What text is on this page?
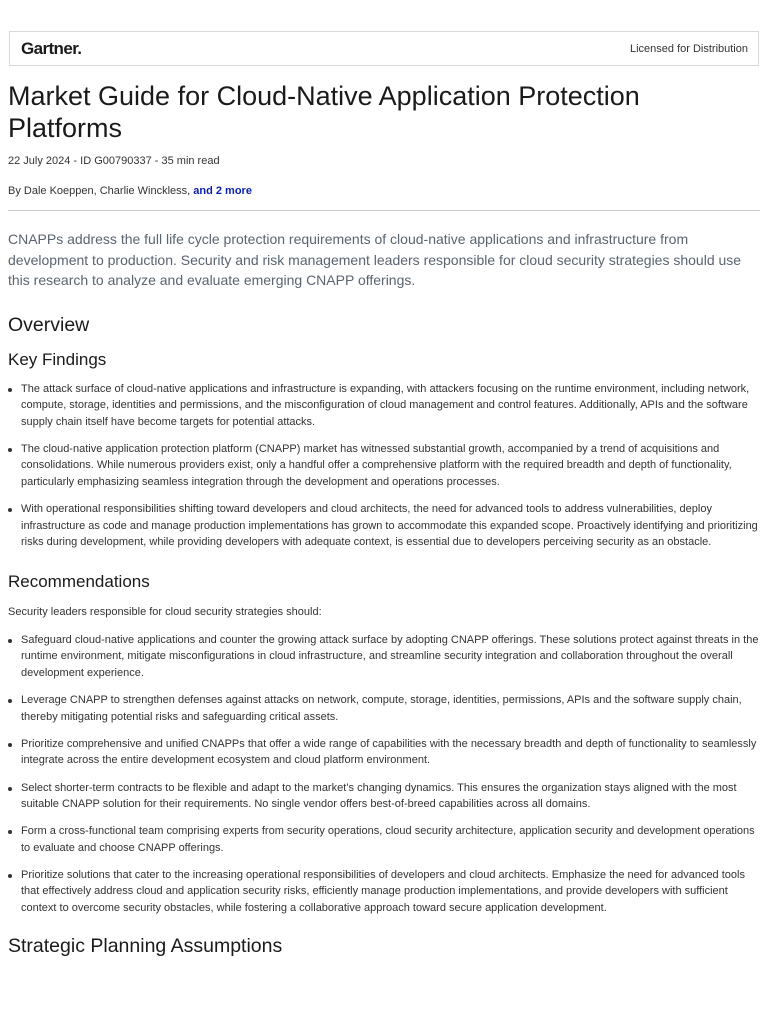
Gartner.	Licensed for Distribution
Market Guide for Cloud-Native Application Protection Platforms
22 July 2024 - ID G00790337 - 35 min read
By Dale Koeppen, Charlie Winckless, and 2 more
CNAPPs address the full life cycle protection requirements of cloud-native applications and infrastructure from development to production. Security and risk management leaders responsible for cloud security strategies should use this research to analyze and evaluate emerging CNAPP offerings.
Overview
Key Findings
The attack surface of cloud-native applications and infrastructure is expanding, with attackers focusing on the runtime environment, including network, compute, storage, identities and permissions, and the misconfiguration of cloud management and control features. Additionally, APIs and the software supply chain itself have become targets for potential attacks.
The cloud-native application protection platform (CNAPP) market has witnessed substantial growth, accompanied by a trend of acquisitions and consolidations. While numerous providers exist, only a handful offer a comprehensive platform with the required breadth and depth of functionality, particularly emphasizing seamless integration through the development and operations processes.
With operational responsibilities shifting toward developers and cloud architects, the need for advanced tools to address vulnerabilities, deploy infrastructure as code and manage production implementations has grown to accommodate this expanded scope. Proactively identifying and prioritizing risks during development, while providing developers with adequate context, is essential due to developers perceiving security as an obstacle.
Recommendations
Security leaders responsible for cloud security strategies should:
Safeguard cloud-native applications and counter the growing attack surface by adopting CNAPP offerings. These solutions protect against threats in the runtime environment, mitigate misconfigurations in cloud infrastructure, and streamline security integration and collaboration throughout the overall development experience.
Leverage CNAPP to strengthen defenses against attacks on network, compute, storage, identities, permissions, APIs and the software supply chain, thereby mitigating potential risks and safeguarding critical assets.
Prioritize comprehensive and unified CNAPPs that offer a wide range of capabilities with the necessary breadth and depth of functionality to seamlessly integrate across the entire development ecosystem and cloud platform environment.
Select shorter-term contracts to be flexible and adapt to the market’s changing dynamics. This ensures the organization stays aligned with the most suitable CNAPP solution for their requirements. No single vendor offers best-of-breed capabilities across all domains.
Form a cross-functional team comprising experts from security operations, cloud security architecture, application security and development operations to evaluate and choose CNAPP offerings.
Prioritize solutions that cater to the increasing operational responsibilities of developers and cloud architects. Emphasize the need for advanced tools that effectively address cloud and application security risks, efficiently manage production implementations, and provide developers with sufficient context to overcome security obstacles, while fostering a collaborative approach toward secure application development.
Strategic Planning Assumptions
